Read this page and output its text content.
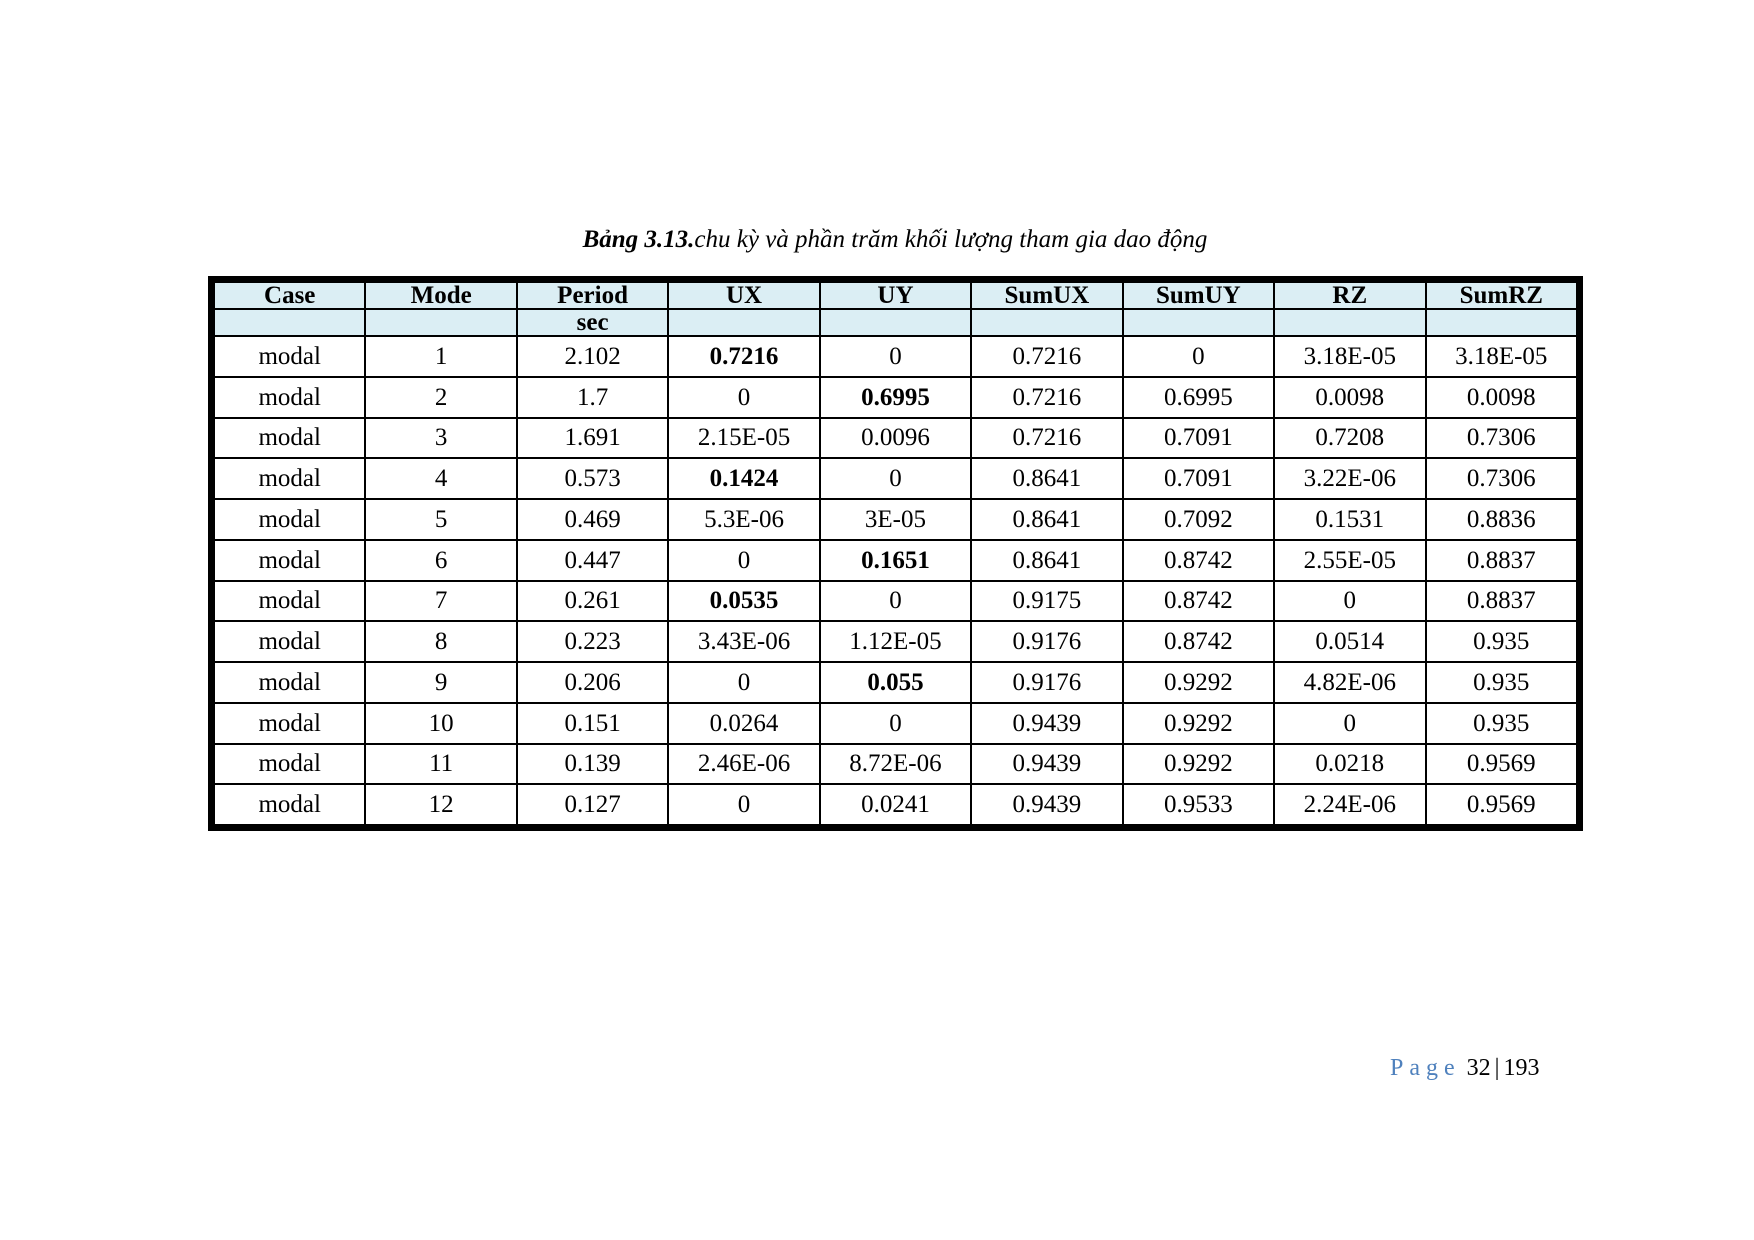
Bảng 3.13.chu kỳ và phần trăm khối lượng tham gia dao động
Case	Mode	Period	UX	UY	SumUX	SumUY	RZ	SumRZ
		sec						
modal	1	2.102	0.7216	0	0.7216	0	3.18E-05	3.18E-05
modal	2	1.7	0	0.6995	0.7216	0.6995	0.0098	0.0098
modal	3	1.691	2.15E-05	0.0096	0.7216	0.7091	0.7208	0.7306
modal	4	0.573	0.1424	0	0.8641	0.7091	3.22E-06	0.7306
modal	5	0.469	5.3E-06	3E-05	0.8641	0.7092	0.1531	0.8836
modal	6	0.447	0	0.1651	0.8641	0.8742	2.55E-05	0.8837
modal	7	0.261	0.0535	0	0.9175	0.8742	0	0.8837
modal	8	0.223	3.43E-06	1.12E-05	0.9176	0.8742	0.0514	0.935
modal	9	0.206	0	0.055	0.9176	0.9292	4.82E-06	0.935
modal	10	0.151	0.0264	0	0.9439	0.9292	0	0.935
modal	11	0.139	2.46E-06	8.72E-06	0.9439	0.9292	0.0218	0.9569
modal	12	0.127	0	0.0241	0.9439	0.9533	2.24E-06	0.9569
Page 32 | 193
